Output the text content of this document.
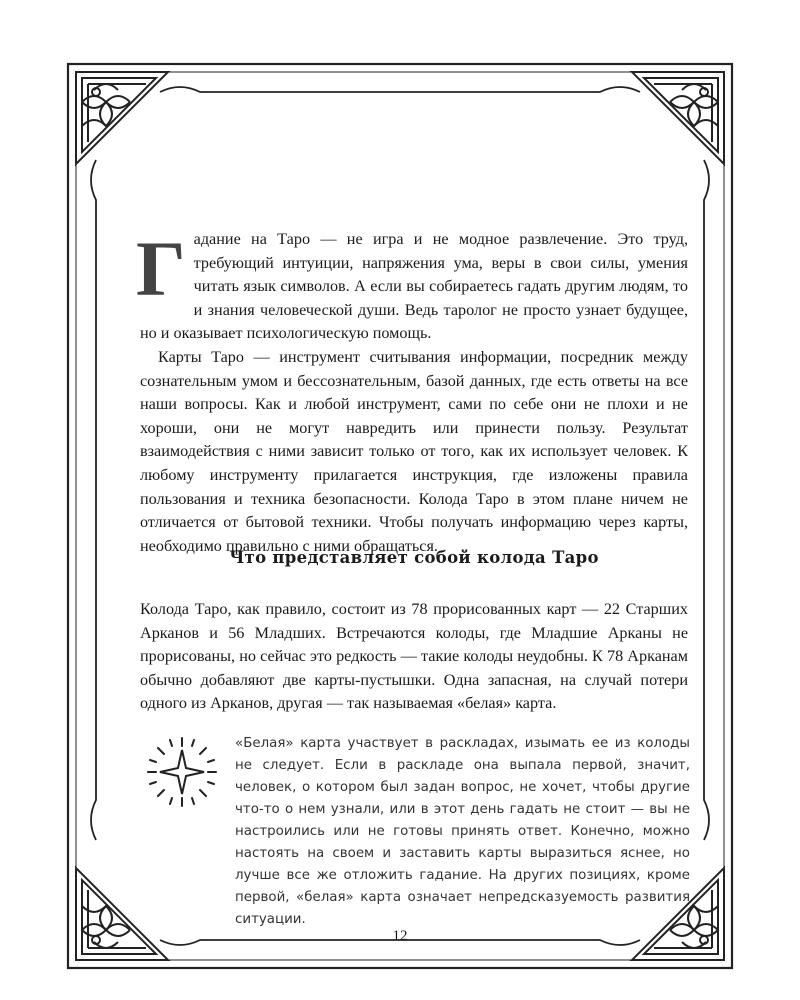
Гадание на Таро — не игра и не модное развлечение. Это труд, требующий интуиции, напряжения ума, веры в свои силы, умения читать язык символов. А если вы собираетесь гадать другим людям, то и знания человеческой души. Ведь таролог не просто узнает будущее, но и оказывает психологическую помощь.

Карты Таро — инструмент считывания информации, посредник между сознательным умом и бессознательным, базой данных, где есть ответы на все наши вопросы. Как и любой инструмент, сами по себе они не плохи и не хороши, они не могут навредить или принести пользу. Результат взаимодействия с ними зависит только от того, как их использует человек. К любому инструменту прилагается инструкция, где изложены правила пользования и техника безопасности. Колода Таро в этом плане ничем не отличается от бытовой техники. Чтобы получать информацию через карты, необходимо правильно с ними обращаться.

Что представляет собой колода Таро

Колода Таро, как правило, состоит из 78 прорисованных карт — 22 Старших Арканов и 56 Младших. Встречаются колоды, где Младшие Арканы не прорисованы, но сейчас это редкость — такие колоды неудобны. К 78 Арканам обычно добавляют две карты-пустышки. Одна запасная, на случай потери одного из Арканов, другая — так называемая «белая» карта.

«Белая» карта участвует в раскладах, изымать ее из колоды не следует. Если в раскладе она выпала первой, значит, человек, о котором был задан вопрос, не хочет, чтобы другие что-то о нем узнали, или в этот день гадать не стоит — вы не настроились или не готовы принять ответ. Конечно, можно настоять на своем и заставить карты выразиться яснее, но лучше все же отложить гадание. На других позициях, кроме первой, «белая» карта означает непредсказуемость развития ситуации.

12
